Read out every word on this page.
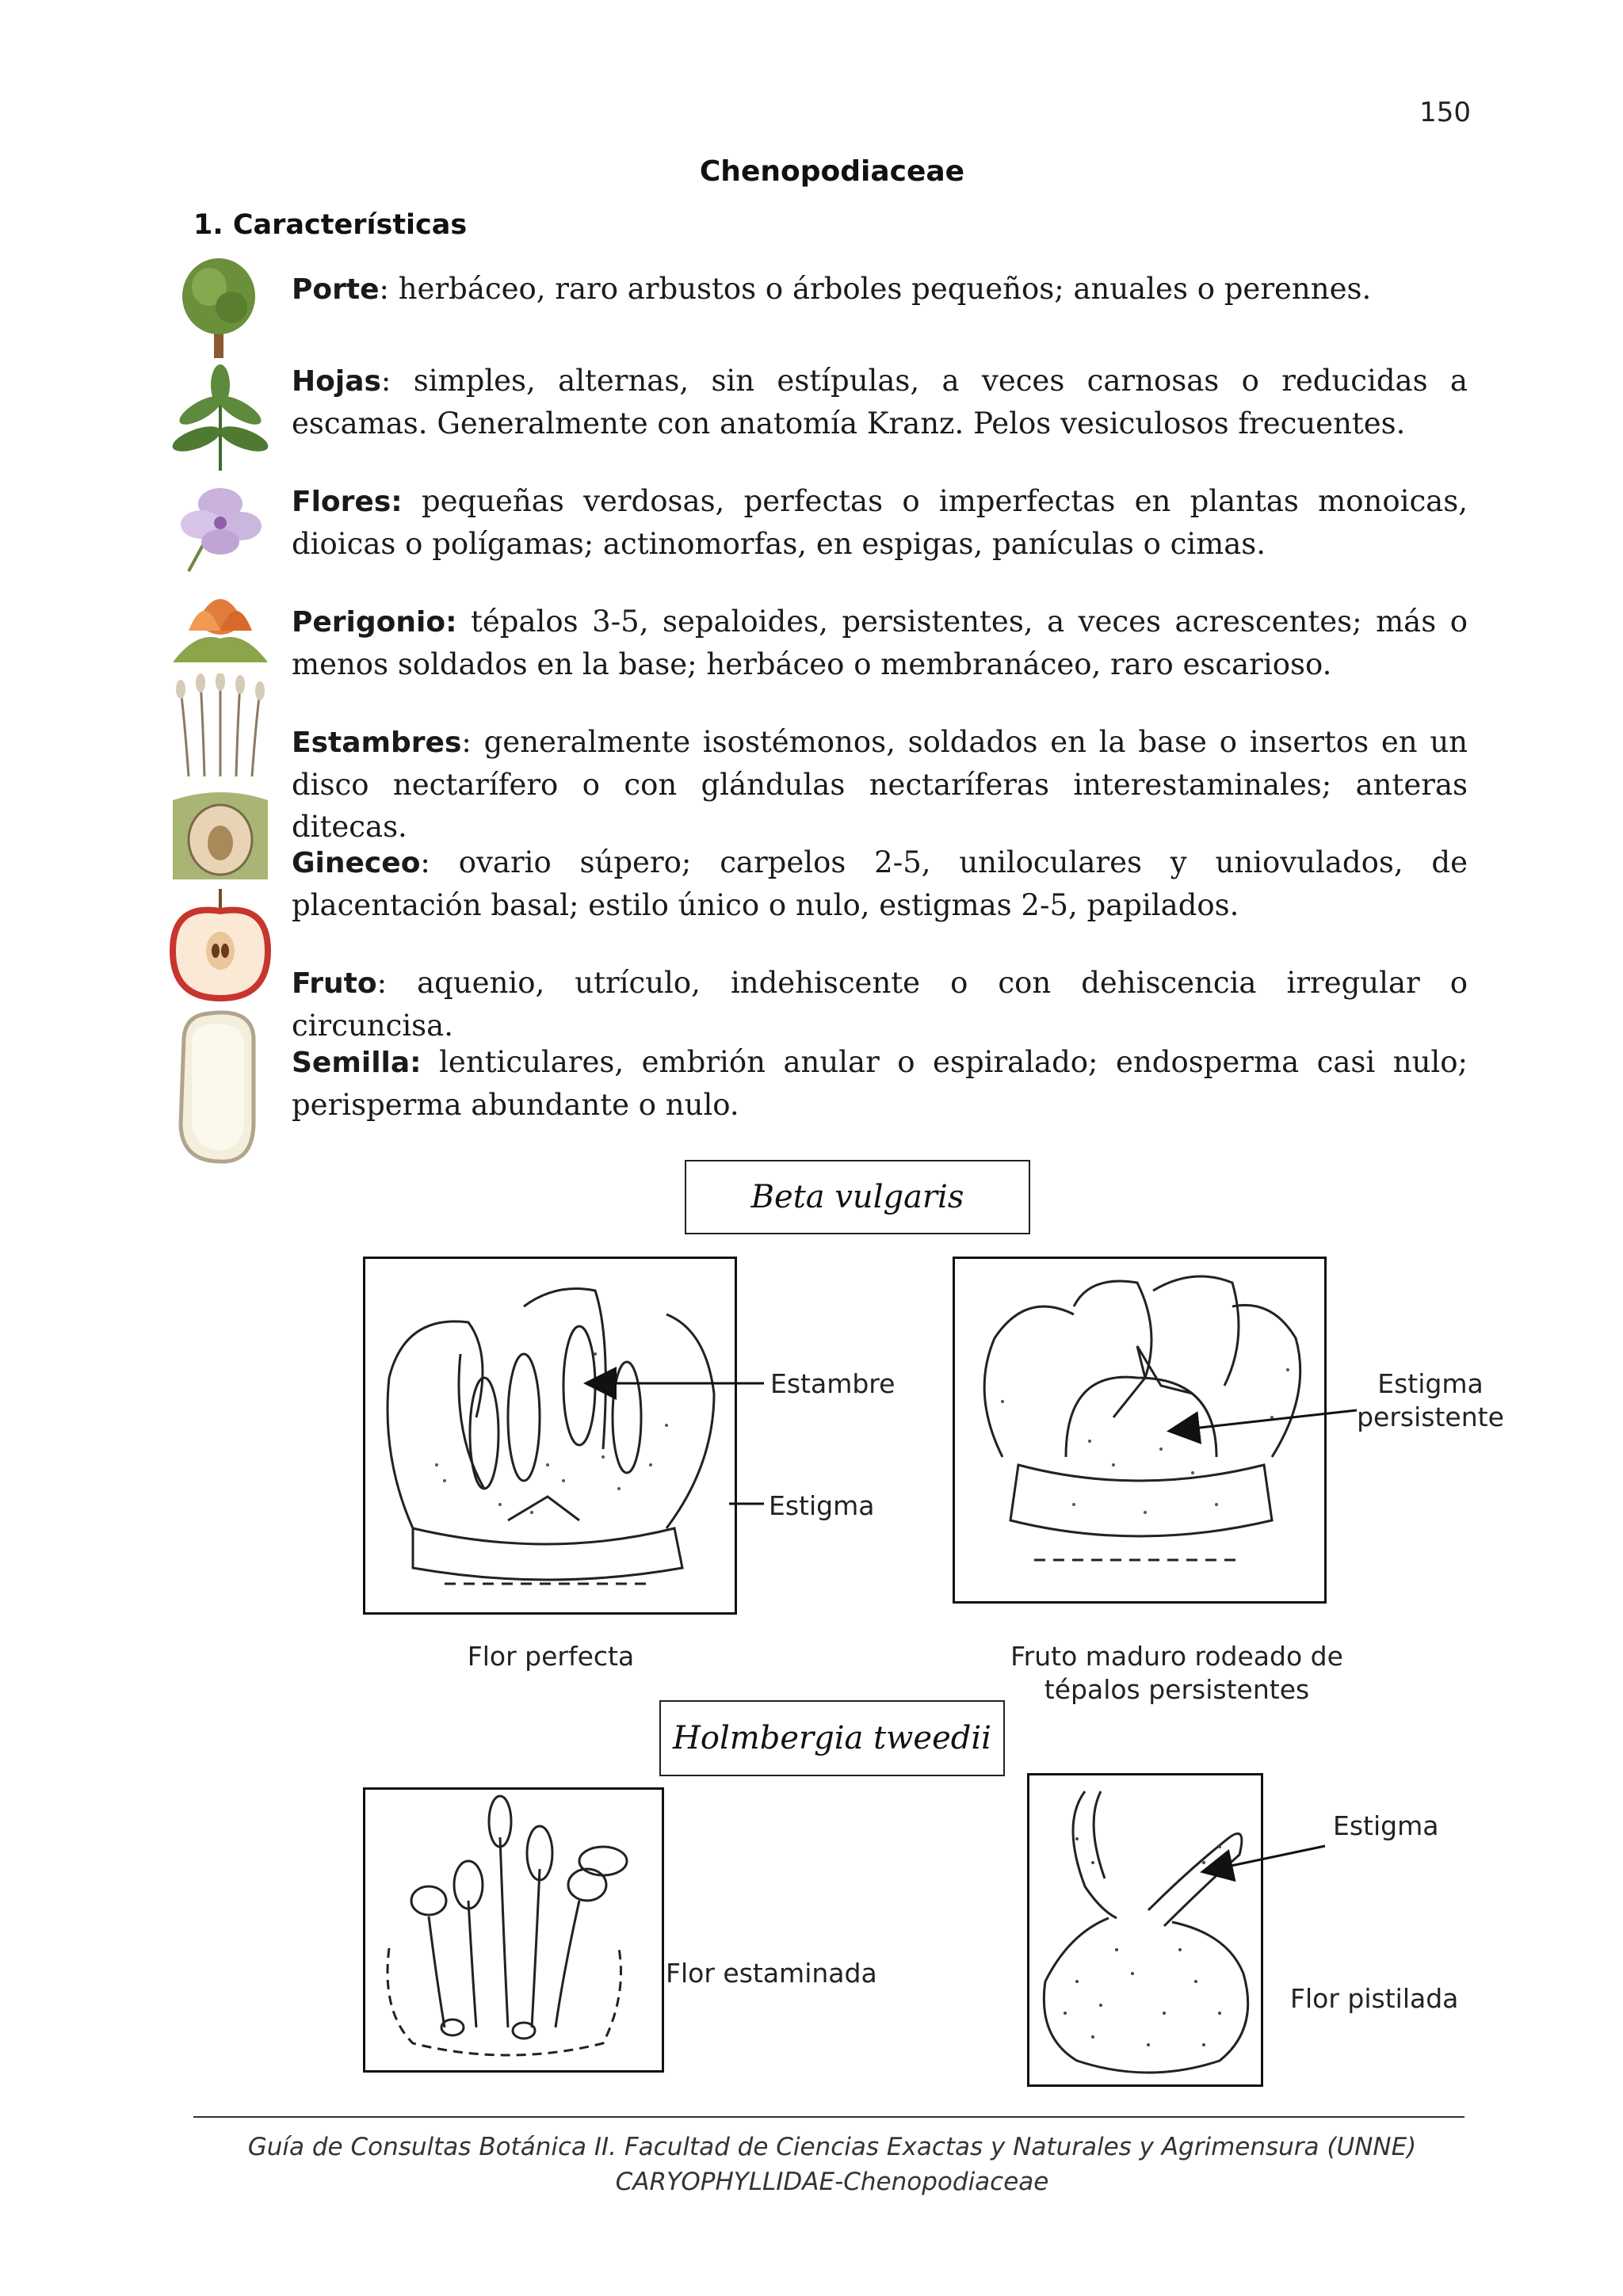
150
Chenopodiaceae
1. Características

Porte: herbáceo, raro arbustos o árboles pequeños; anuales o perennes.

Hojas: simples, alternas, sin estípulas, a veces carnosas o reducidas a escamas. Generalmente con anatomía Kranz. Pelos vesiculosos frecuentes.

Flores: pequeñas verdosas, perfectas o imperfectas en plantas monoicas, dioicas o polígamas; actinomorfas, en espigas, panículas o cimas.

Perigonio: tépalos 3-5, sepaloides, persistentes, a veces acrescentes; más o menos soldados en la base; herbáceo o membranáceo, raro escarioso.

Estambres: generalmente isostémonos, soldados en la base o insertos en un disco nectarífero o con glándulas nectaríferas interestaminales; anteras ditecas.

Gineceo: ovario súpero; carpelos 2-5, uniloculares y uniovulados, de placentación basal; estilo único o nulo, estigmas 2-5, papilados.

Fruto: aquenio, utrículo, indehiscente o con dehiscencia irregular o circuncisa.

Semilla: lenticulares, embrión anular o espiralado; endosperma casi nulo; perisperma abundante o nulo.

Beta vulgaris
Estambre
Estigma
Estigma persistente
Flor perfecta	Fruto maduro rodeado de tépalos persistentes
Holmbergia tweedii
Flor estaminada
Estigma
Flor pistilada
Guía de Consultas Botánica II. Facultad de Ciencias Exactas y Naturales y Agrimensura (UNNE)
CARYOPHYLLIDAE-Chenopodiaceae
